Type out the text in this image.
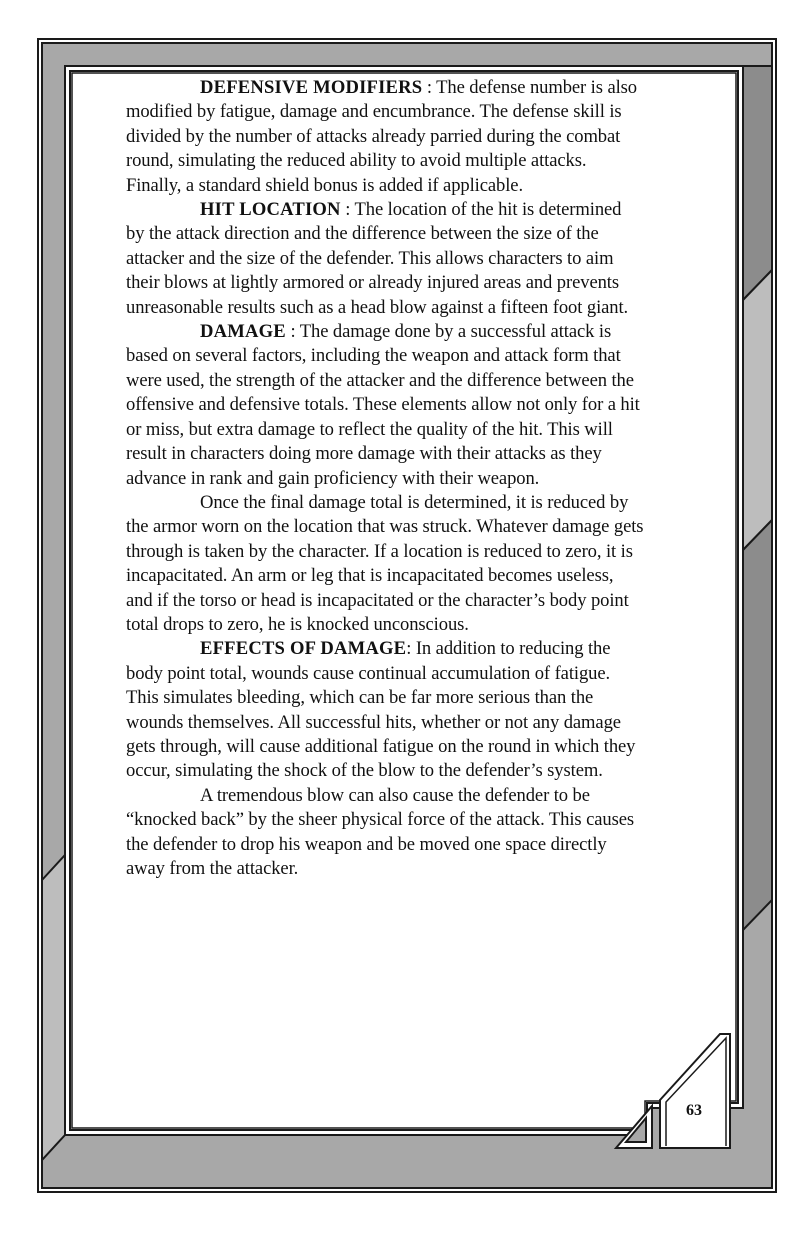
DEFENSIVE MODIFIERS : The defense number is also modified by fatigue, damage and encumbrance. The defense skill is divided by the number of attacks already parried during the combat round, simulating the reduced ability to avoid multiple attacks. Finally, a standard shield bonus is added if applicable.

HIT LOCATION : The location of the hit is determined by the attack direction and the difference between the size of the attacker and the size of the defender. This allows characters to aim their blows at lightly armored or already injured areas and prevents unreasonable results such as a head blow against a fifteen foot giant.

DAMAGE : The damage done by a successful attack is based on several factors, including the weapon and attack form that were used, the strength of the attacker and the difference between the offensive and defensive totals. These elements allow not only for a hit or miss, but extra damage to reflect the quality of the hit. This will result in characters doing more damage with their attacks as they advance in rank and gain proficiency with their weapon.

Once the final damage total is determined, it is reduced by the armor worn on the location that was struck. Whatever damage gets through is taken by the character. If a location is reduced to zero, it is incapacitated. An arm or leg that is incapacitated becomes useless, and if the torso or head is incapacitated or the character’s body point total drops to zero, he is knocked unconscious.

EFFECTS OF DAMAGE: In addition to reducing the body point total, wounds cause continual accumulation of fatigue. This simulates bleeding, which can be far more serious than the wounds themselves. All successful hits, whether or not any damage gets through, will cause additional fatigue on the round in which they occur, simulating the shock of the blow to the defender’s system.

A tremendous blow can also cause the defender to be “knocked back” by the sheer physical force of the attack. This causes the defender to drop his weapon and be moved one space directly away from the attacker.

63
